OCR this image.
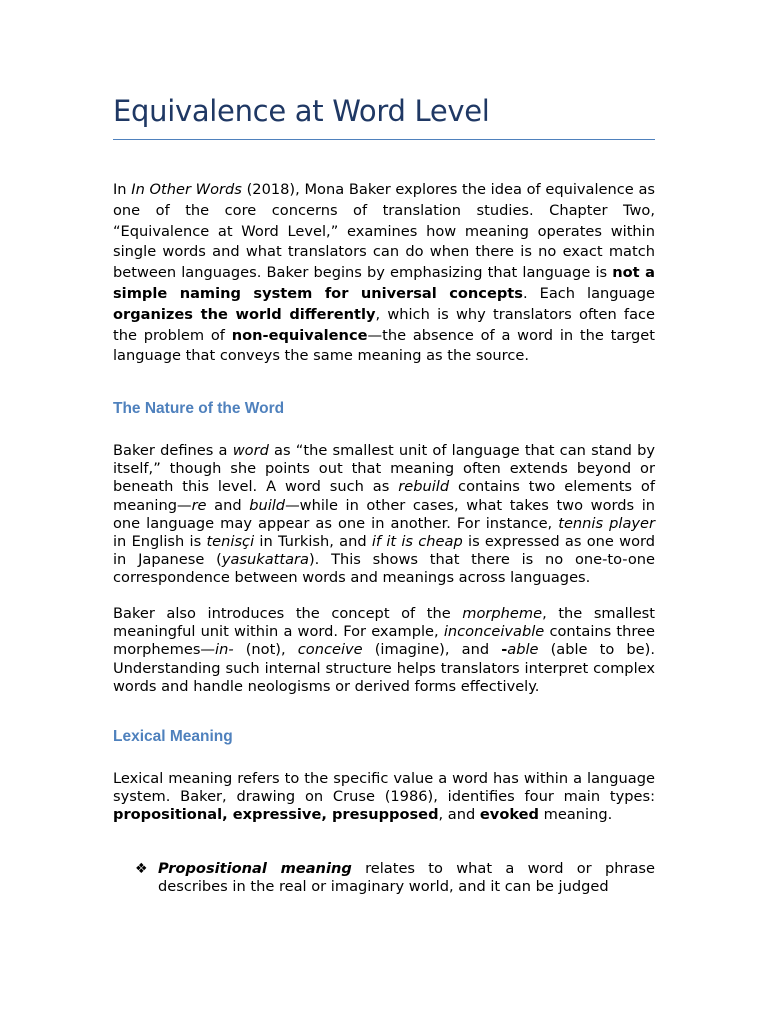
Equivalence at Word Level

In In Other Words (2018), Mona Baker explores the idea of equivalence as one of the core concerns of translation studies. Chapter Two, “Equivalence at Word Level,” examines how meaning operates within single words and what translators can do when there is no exact match between languages. Baker begins by emphasizing that language is not a simple naming system for universal concepts. Each language organizes the world differently, which is why translators often face the problem of non-equivalence—the absence of a word in the target language that conveys the same meaning as the source.

The Nature of the Word

Baker defines a word as “the smallest unit of language that can stand by itself,” though she points out that meaning often extends beyond or beneath this level. A word such as rebuild contains two elements of meaning—re and build—while in other cases, what takes two words in one language may appear as one in another. For instance, tennis player in English is tenisçi in Turkish, and if it is cheap is expressed as one word in Japanese (yasukattara). This shows that there is no one-to-one correspondence between words and meanings across languages.

Baker also introduces the concept of the morpheme, the smallest meaningful unit within a word. For example, inconceivable contains three morphemes—in- (not), conceive (imagine), and -able (able to be). Understanding such internal structure helps translators interpret complex words and handle neologisms or derived forms effectively.

Lexical Meaning

Lexical meaning refers to the specific value a word has within a language system. Baker, drawing on Cruse (1986), identifies four main types: propositional, expressive, presupposed, and evoked meaning.

❖ Propositional meaning relates to what a word or phrase describes in the real or imaginary world, and it can be judged
